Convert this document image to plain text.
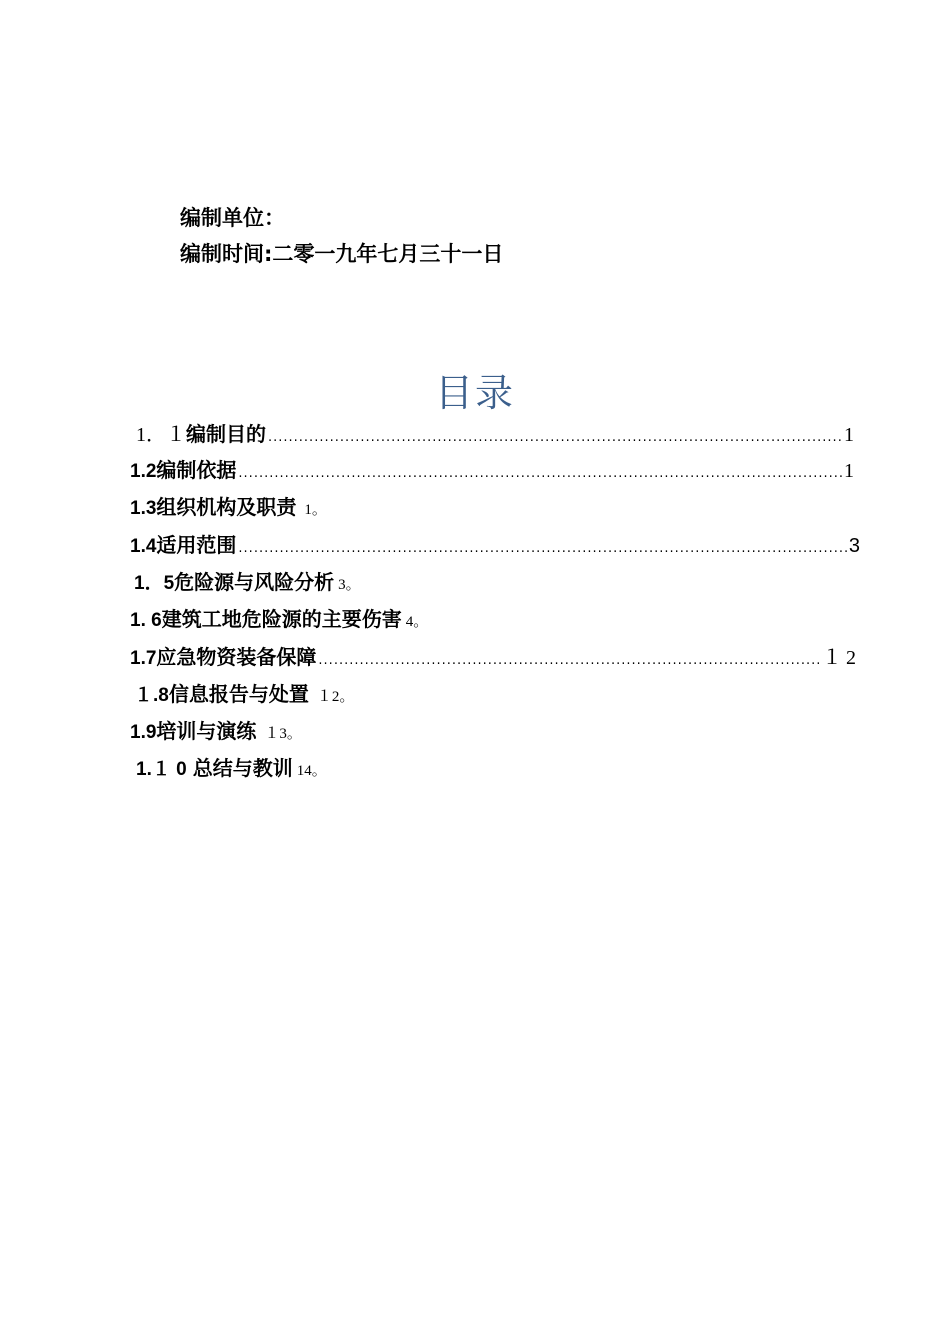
编制单位：
编制时间:二零一九年七月三十一日
目录
1．１ 编制目的 .....	1
1.2 编制依据 .....	1
1.3 组织机构及职责 1。
1.4 适用范围 .....	3
1．5 危险源与风险分析 3。
1. 6 建筑工地危险源的主要伤害 4。
1.7 应急物资装备保障 .....	１2
１.8 信息报告与处置 １2。
1.9 培训与演练 １3。
1.１ 0 总结与教训 14。
